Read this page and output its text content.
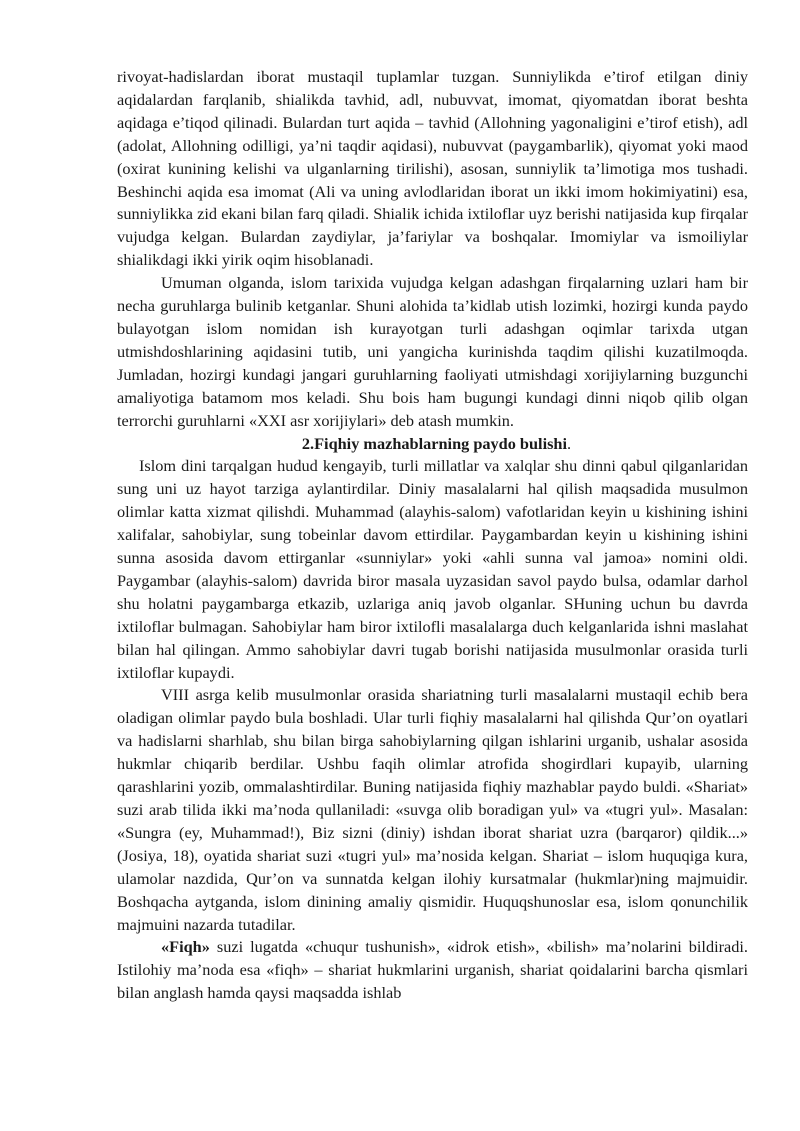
rivoyat-hadislardan iborat mustaqil tuplamlar tuzgan. Sunniylikda e’tirof etilgan diniy aqidalardan farqlanib, shialikda tavhid, adl, nubuvvat, imomat, qiyomatdan iborat beshta aqidaga e’tiqod qilinadi. Bulardan turt aqida – tavhid (Allohning yagonaligini e’tirof etish), adl (adolat, Allohning odilligi, ya’ni taqdir aqidasi), nubuvvat (paygambarlik), qiyomat yoki maod (oxirat kunining kelishi va ulganlarning tirilishi), asosan, sunniylik ta’limotiga mos tushadi. Beshinchi aqida esa imomat (Ali va uning avlodlaridan iborat un ikki imom hokimiyatini) esa, sunniylikka zid ekani bilan farq qiladi. Shialik ichida ixtiloflar uyz berishi natijasida kup firqalar vujudga kelgan. Bulardan zaydiylar, ja’fariylar va boshqalar. Imomiylar va ismoiliylar shialikdagi ikki yirik oqim hisoblanadi.

Umuman olganda, islom tarixida vujudga kelgan adashgan firqalarning uzlari ham bir necha guruhlarga bulinib ketganlar. Shuni alohida ta’kidlab utish lozimki, hozirgi kunda paydo bulayotgan islom nomidan ish kurayotgan turli adashgan oqimlar tarixda utgan utmishdoshlarining aqidasini tutib, uni yangicha kurinishda taqdim qilishi kuzatilmoqda. Jumladan, hozirgi kundagi jangari guruhlarning faoliyati utmishdagi xorijiylarning buzgunchi amaliyotiga batamom mos keladi. Shu bois ham bugungi kundagi dinni niqob qilib olgan terrorchi guruhlarni «XXI asr xorijiylari» deb atash mumkin.

2.Fiqhiy mazhablarning paydo bulishi.

Islom dini tarqalgan hudud kengayib, turli millatlar va xalqlar shu dinni qabul qilganlaridan sung uni uz hayot tarziga aylantirdilar. Diniy masalalarni hal qilish maqsadida musulmon olimlar katta xizmat qilishdi. Muhammad (alayhis-salom) vafotlaridan keyin u kishining ishini xalifalar, sahobiylar, sung tobeinlar davom ettirdilar. Paygambardan keyin u kishining ishini sunna asosida davom ettirganlar «sunniylar» yoki «ahli sunna val jamoa» nomini oldi. Paygambar (alayhis-salom) davrida biror masala uyzasidan savol paydo bulsa, odamlar darhol shu holatni paygambarga etkazib, uzlariga aniq javob olganlar. SHuning uchun bu davrda ixtiloflar bulmagan. Sahobiylar ham biror ixtilofli masalalarga duch kelganlarida ishni maslahat bilan hal qilingan. Ammo sahobiylar davri tugab borishi natijasida musulmonlar orasida turli ixtiloflar kupaydi.

VIII asrga kelib musulmonlar orasida shariatning turli masalalarni mustaqil echib bera oladigan olimlar paydo bula boshladi. Ular turli fiqhiy masalalarni hal qilishda Qur’on oyatlari va hadislarni sharhlab, shu bilan birga sahobiylarning qilgan ishlarini urganib, ushalar asosida hukmlar chiqarib berdilar. Ushbu faqih olimlar atrofida shogirdlari kupayib, ularning qarashlarini yozib, ommalashtirdilar. Buning natijasida fiqhiy mazhablar paydo buldi. «Shariat» suzi arab tilida ikki ma’noda qullaniladi: «suvga olib boradigan yul» va «tugri yul». Masalan: «Sungra (ey, Muhammad!), Biz sizni (diniy) ishdan iborat shariat uzra (barqaror) qildik...» (Josiya, 18), oyatida shariat suzi «tugri yul» ma’nosida kelgan. Shariat – islom huquqiga kura, ulamolar nazdida, Qur’on va sunnatda kelgan ilohiy kursatmalar (hukmlar)ning majmuidir. Boshqacha aytganda, islom dinining amaliy qismidir. Huquqshunoslar esa, islom qonunchilik majmuini nazarda tutadilar.

«Fiqh» suzi lugatda «chuqur tushunish», «idrok etish», «bilish» ma’nolarini bildiradi. Istilohiy ma’noda esa «fiqh» – shariat hukmlarini urganish, shariat qoidalarini barcha qismlari bilan anglash hamda qaysi maqsadda ishlab
